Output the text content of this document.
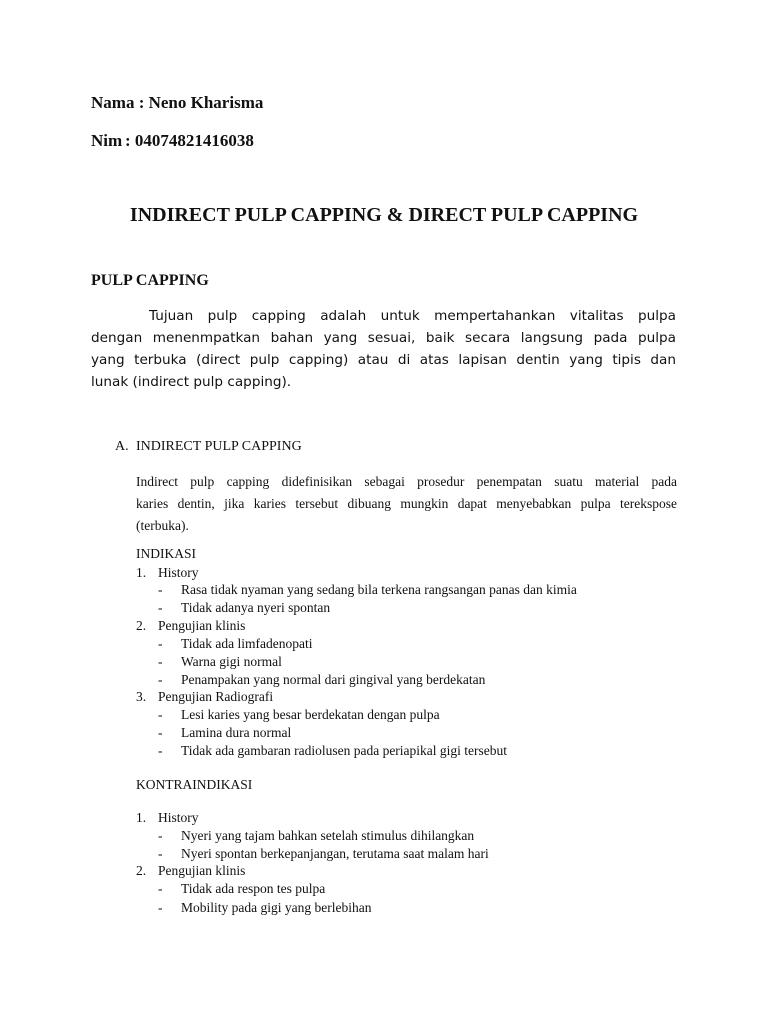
Nama : Neno Kharisma
Nim : 04074821416038
INDIRECT PULP CAPPING & DIRECT PULP CAPPING
PULP CAPPING

Tujuan pulp capping adalah untuk mempertahankan vitalitas pulpa

dengan menenmpatkan bahan yang sesuai, baik secara langsung pada pulpa

yang terbuka (direct pulp capping) atau di atas lapisan dentin yang tipis dan

lunak (indirect pulp capping).

A. INDIRECT PULP CAPPING
Indirect pulp capping didefinisikan sebagai prosedur penempatan suatu material pada
karies dentin, jika karies tersebut dibuang mungkin dapat menyebabkan pulpa terekspose
(terbuka).
INDIKASI
1. History
- Rasa tidak nyaman yang sedang bila terkena rangsangan panas dan kimia
- Tidak adanya nyeri spontan
2. Pengujian klinis
- Tidak ada limfadenopati
- Warna gigi normal
- Penampakan yang normal dari gingival yang berdekatan
3. Pengujian Radiografi
- Lesi karies yang besar berdekatan dengan pulpa
- Lamina dura normal
- Tidak ada gambaran radiolusen pada periapikal gigi tersebut
KONTRAINDIKASI
1. History
- Nyeri yang tajam bahkan setelah stimulus dihilangkan
- Nyeri spontan berkepanjangan, terutama saat malam hari
2. Pengujian klinis
- Tidak ada respon tes pulpa
- Mobility pada gigi yang berlebihan
